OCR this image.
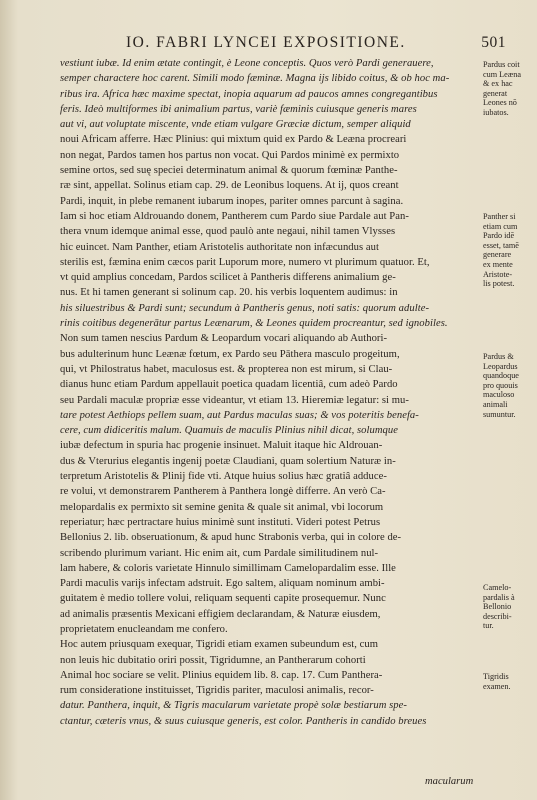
IO. FABRI LYNCEI EXPOSITIONE.	501
vestiunt iubæ. Id enim ætate contingit, è Leone conceptis. Quos verò Pardi generauere,
semper charactere hoc carent. Simili modo fæminæ. Magna ijs libido coitus, & ob hoc ma-
ribus ira. Africa hæc maxime spectat, inopia aquarum ad paucos amnes congregantibus
feris. Ideò multiformes ibi animalium partus, variè fæminis cuiusque generis mares
aut vi, aut voluptate miscente, vnde etiam vulgare Græciæ dictum, semper aliquid
noui Africam afferre. Hæc Plinius: qui mixtum quid ex Pardo & Leæna procreari
non negat, Pardos tamen hos partus non vocat. Qui Pardos minimè ex permixto
semine ortos, sed suę speciei determinatum animal & quorum fœminæ Panthe-
ræ sint, appellat. Solinus etiam cap. 29. de Leonibus loquens. At ij, quos creant
Pardi, inquit, in plebe remanent iubarum inopes, pariter omnes parcunt à sagina.
Iam si hoc etiam Aldrouando donem, Pantherem cum Pardo siue Pardale aut Pan-
thera vnum idemque animal esse, quod paulò ante negaui, nihil tamen Vlysses
hic euincet. Nam Panther, etiam Aristotelis authoritate non infæcundus aut
sterilis est, fæmina enim cæcos parit Luporum more, numero vt plurimum quatuor. Et,
vt quid amplius concedam, Pardos scilicet à Pantheris differens animalium ge-
nus. Et hi tamen generant si solinum cap. 20. his verbis loquentem audimus: in
his siluestribus & Pardi sunt; secundum à Pantheris genus, noti satis: quorum adulte-
rinis coitibus degenerātur partus Leænarum, & Leones quidem procreantur, sed ignobiles.
Non sum tamen nescius Pardum & Leopardum vocari aliquando ab Authori-
bus adulterinum hunc Leænæ fœtum, ex Pardo seu Pāthera masculo progeitum,
qui, vt Philostratus habet, maculosus est. & propterea non est mirum, si Clau-
dianus hunc etiam Pardum appellauit poetica quadam licentiâ, cum adeò Pardo
seu Pardali maculæ propriæ esse videantur, vt etiam 13. Hieremiæ legatur: si mu-
tare potest Aethiops pellem suam, aut Pardus maculas suas; & vos poteritis benefa-
cere, cum didiceritis malum. Quamuis de maculis Plinius nihil dicat, solumque
iubæ defectum in spuria hac progenie insinuet. Maluit itaque hic Aldrouan-
dus & Vterurius elegantis ingenij poetæ Claudiani, quam solertium Naturæ in-
terpretum Aristotelis & Plinij fide vti. Atque huius solius hæc gratiâ adduce-
re volui, vt demonstrarem Pantherem à Panthera longè differre. An verò Ca-
melopardalis ex permixto sit semine genita & quale sit animal, vbi locorum
reperiatur; hæc pertractare huius minimè sunt instituti. Videri potest Petrus
Bellonius 2. lib. obseruationum, & apud hunc Strabonis verba, qui in colore de-
scribendo plurimum variant. Hic enim ait, cum Pardale similitudinem nul-
lam habere, & coloris varietate Hinnulo simillimam Camelopardalim esse. Ille
Pardi maculis varijs infectam adstruit. Ego saltem, aliquam nominum ambi-
guitatem è medio tollere volui, reliquam sequenti capite prosequemur. Nunc
ad animalis præsentis Mexicani effigiem declarandam, & Naturæ eiusdem,
proprietatem enucleandam me confero.
Hoc autem priusquam exequar, Tigridi etiam examen subeundum est, cum
non leuis hic dubitatio oriri possit, Tigridumne, an Pantherarum cohorti
Animal hoc sociare se velit. Plinius equidem lib. 8. cap. 17. Cum Panthera-
rum consideratione instituisset, Tigridis pariter, maculosi animalis, recor-
datur. Panthera, inquit, & Tigris macularum varietate propè solæ bestiarum spe-
ctantur, cæteris vnus, & suus cuiusque generis, est color. Pantheris in candido breues
Pardus coit
cum Leæna
& ex hac
generat
Leones nō
iubatos.
Panther si
etiam cum
Pardo idē
esset, tamē
generare
ex mente
Aristote-
lis potest.
Pardus &
Leopardus
quandoque
pro quouis
maculoso
animali
sumuntur.
Camelo-
pardalis à
Bellonio
describi-
tur.
Tigridis
examen.
macularum
